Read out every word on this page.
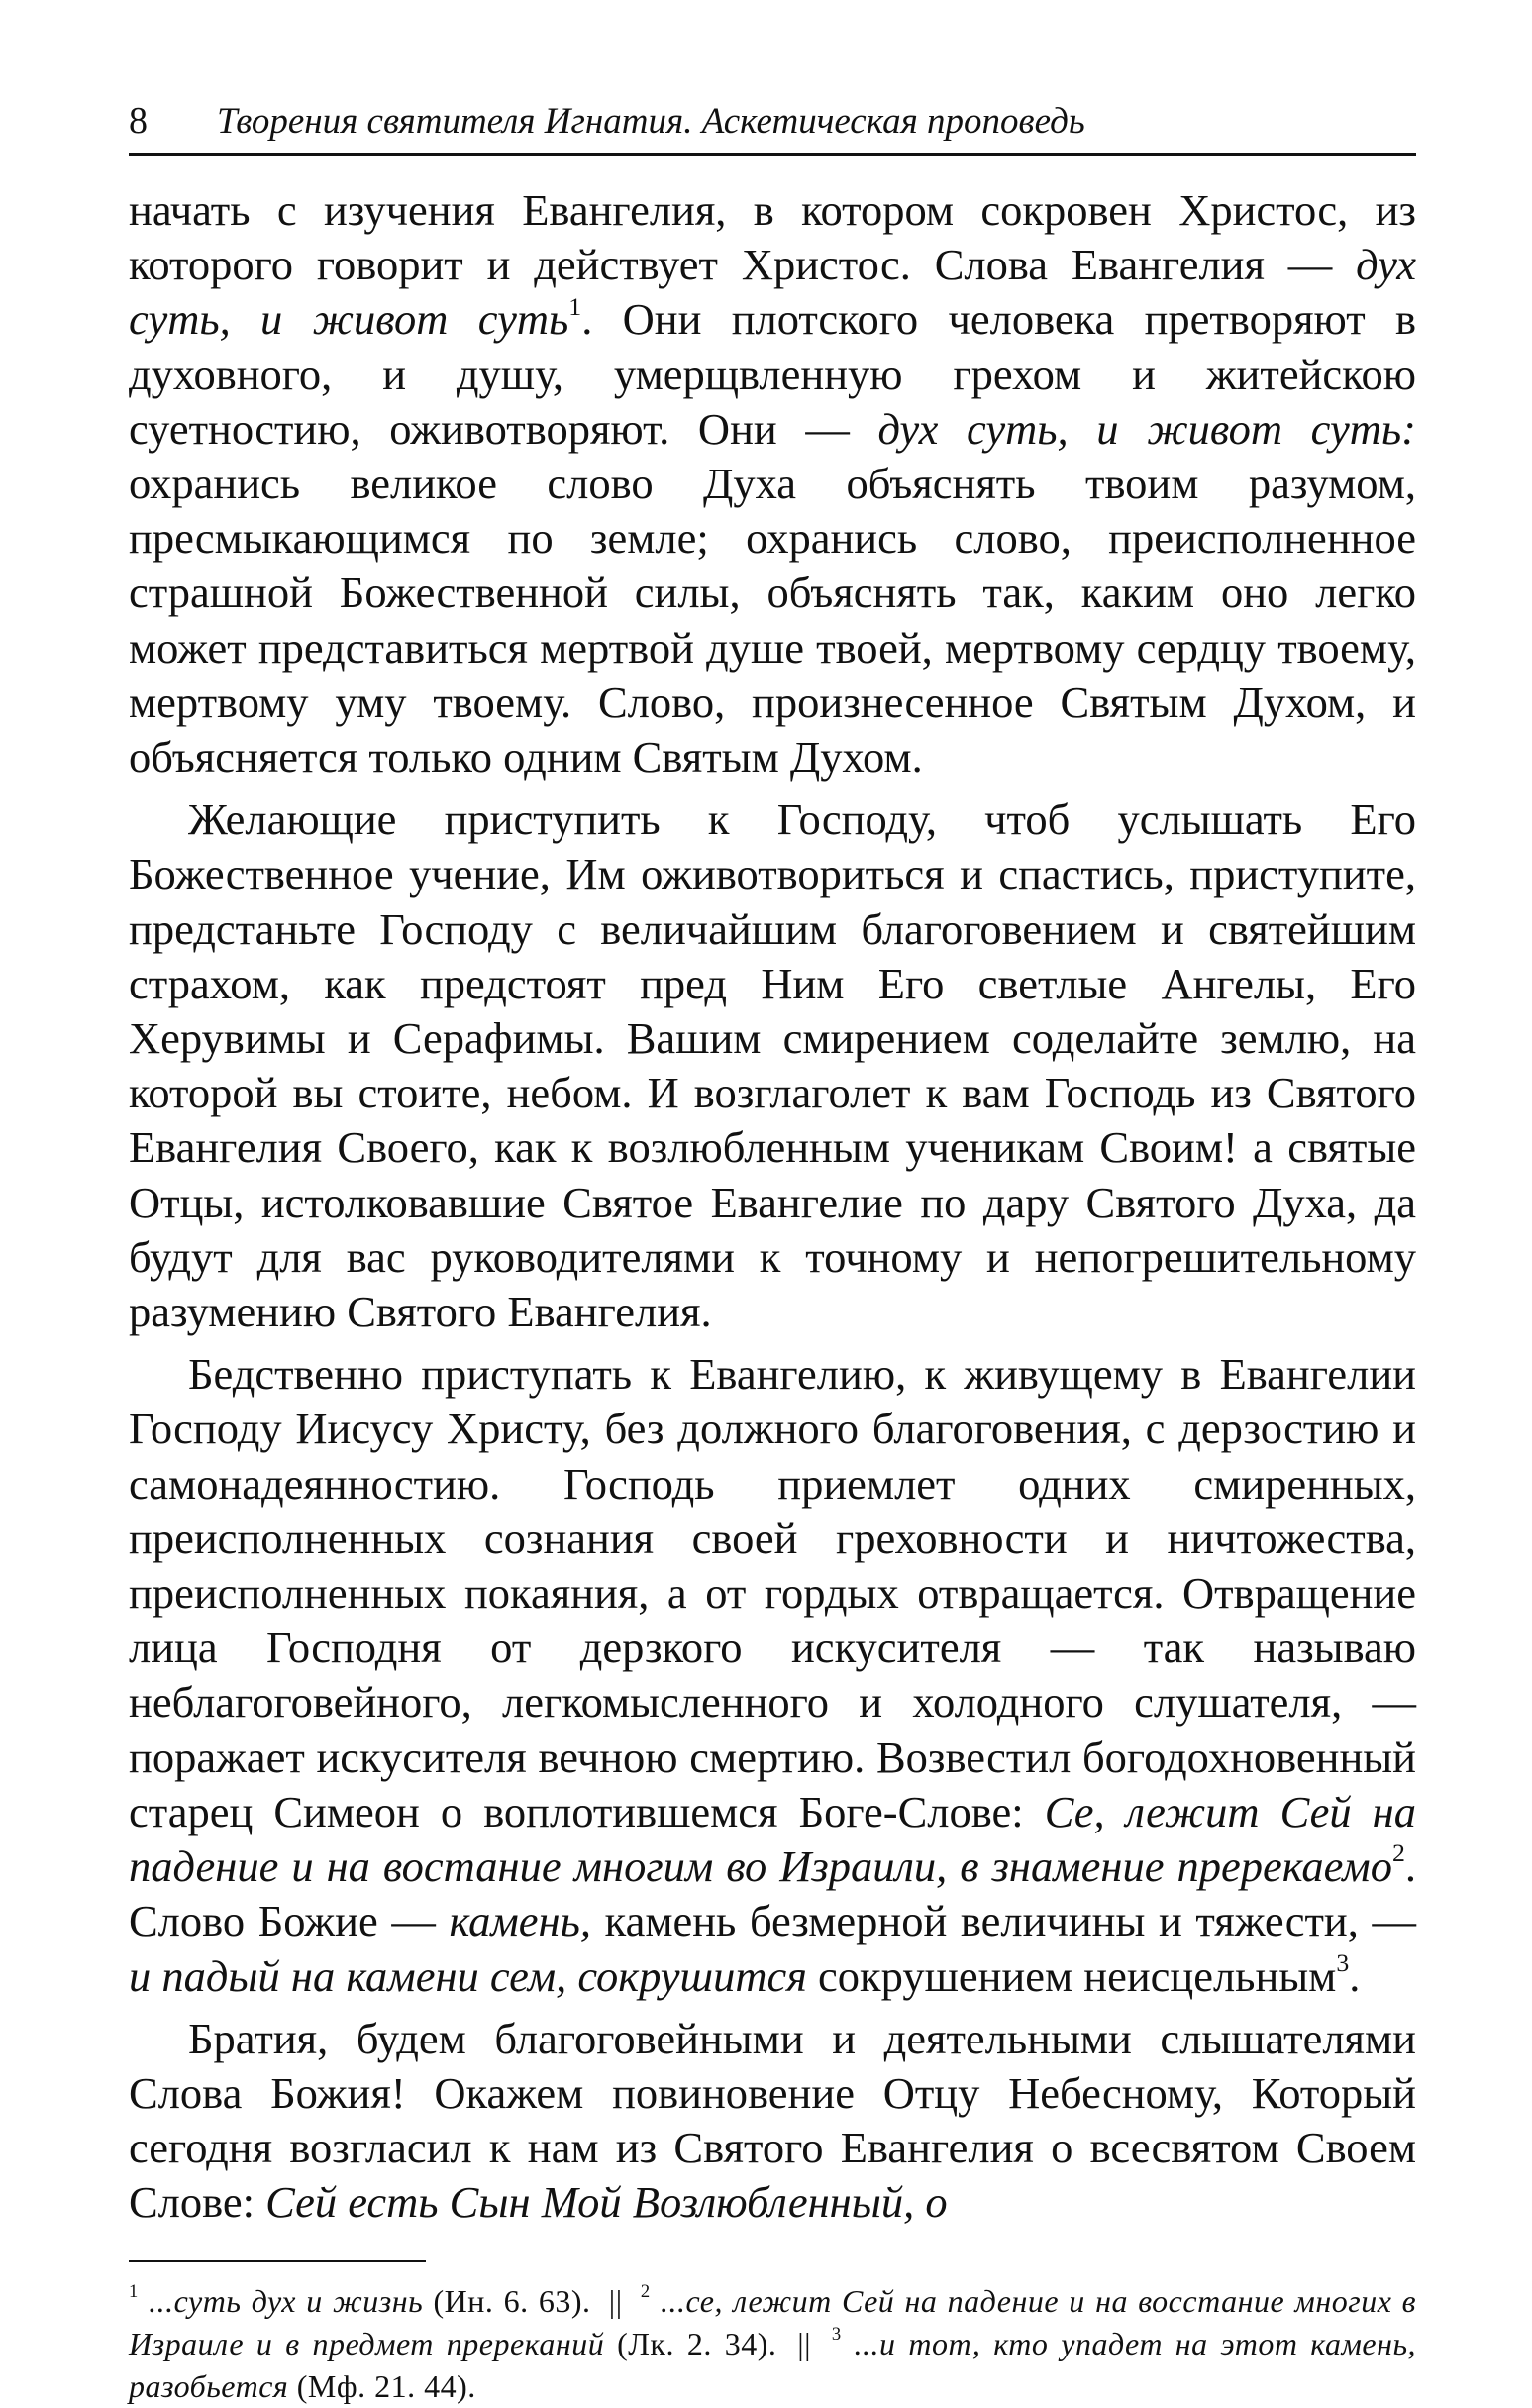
8 Творения святителя Игнатия. Аскетическая проповедь

начать с изучения Евангелия, в котором сокровен Христос, из которого говорит и действует Христос. Слова Евангелия — дух суть, и живот суть$^1$. Они плотского человека претворяют в духовного, и душу, умерщвленную грехом и житейскою суетностию, оживотворяют. Они — дух суть, и живот суть: охранись великое слово Духа объяснять твоим разумом, пресмыкающимся по земле; охранись слово, преисполненное страшной Божественной силы, объяснять так, каким оно легко может представиться мертвой душе твоей, мертвому сердцу твоему, мертвому уму твоему. Слово, произнесенное Святым Духом, и объясняется только одним Святым Духом.

Желающие приступить к Господу, чтоб услышать Его Божественное учение, Им оживотвориться и спастись, приступите, предстаньте Господу с величайшим благоговением и святейшим страхом, как предстоят пред Ним Его светлые Ангелы, Его Херувимы и Серафимы. Вашим смирением соделайте землю, на которой вы стоите, небом. И возглаголет к вам Господь из Святого Евангелия Своего, как к возлюбленным ученикам Своим! а святые Отцы, истолковавшие Святое Евангелие по дару Святого Духа, да будут для вас руководителями к точному и непогрешительному разумению Святого Евангелия.

Бедственно приступать к Евангелию, к живущему в Евангелии Господу Иисусу Христу, без должного благоговения, с дерзостию и самонадеянностию. Господь приемлет одних смиренных, преисполненных сознания своей греховности и ничтожества, преисполненных покаяния, а от гордых отвращается. Отвращение лица Господня от дерзкого искусителя — так называю неблагоговейного, легкомысленного и холодного слушателя, — поражает искусителя вечною смертию. Возвестил богодохновенный старец Симеон о воплотившемся Боге-Слове: Се, лежит Сей на падение и на востание многим во Израили, в знамение пререкаемо$^2$. Слово Божие — камень, камень безмерной величины и тяжести, — и падый на камени сем, сокрушится сокрушением неисцельным$^3$.

Братия, будем благоговейными и деятельными слышателями Слова Божия! Окажем повиновение Отцу Небесному, Который сегодня возгласил к нам из Святого Евангелия о всесвятом Своем Слове: Сей есть Сын Мой Возлюбленный, о

$^1$ ...суть дух и жизнь (Ин. 6. 63). || $^2$ ...се, лежит Сей на падение и на восстание многих в Израиле и в предмет пререканий (Лк. 2. 34). || $^3$ ...и тот, кто упадет на этот камень, разобьется (Мф. 21. 44).
